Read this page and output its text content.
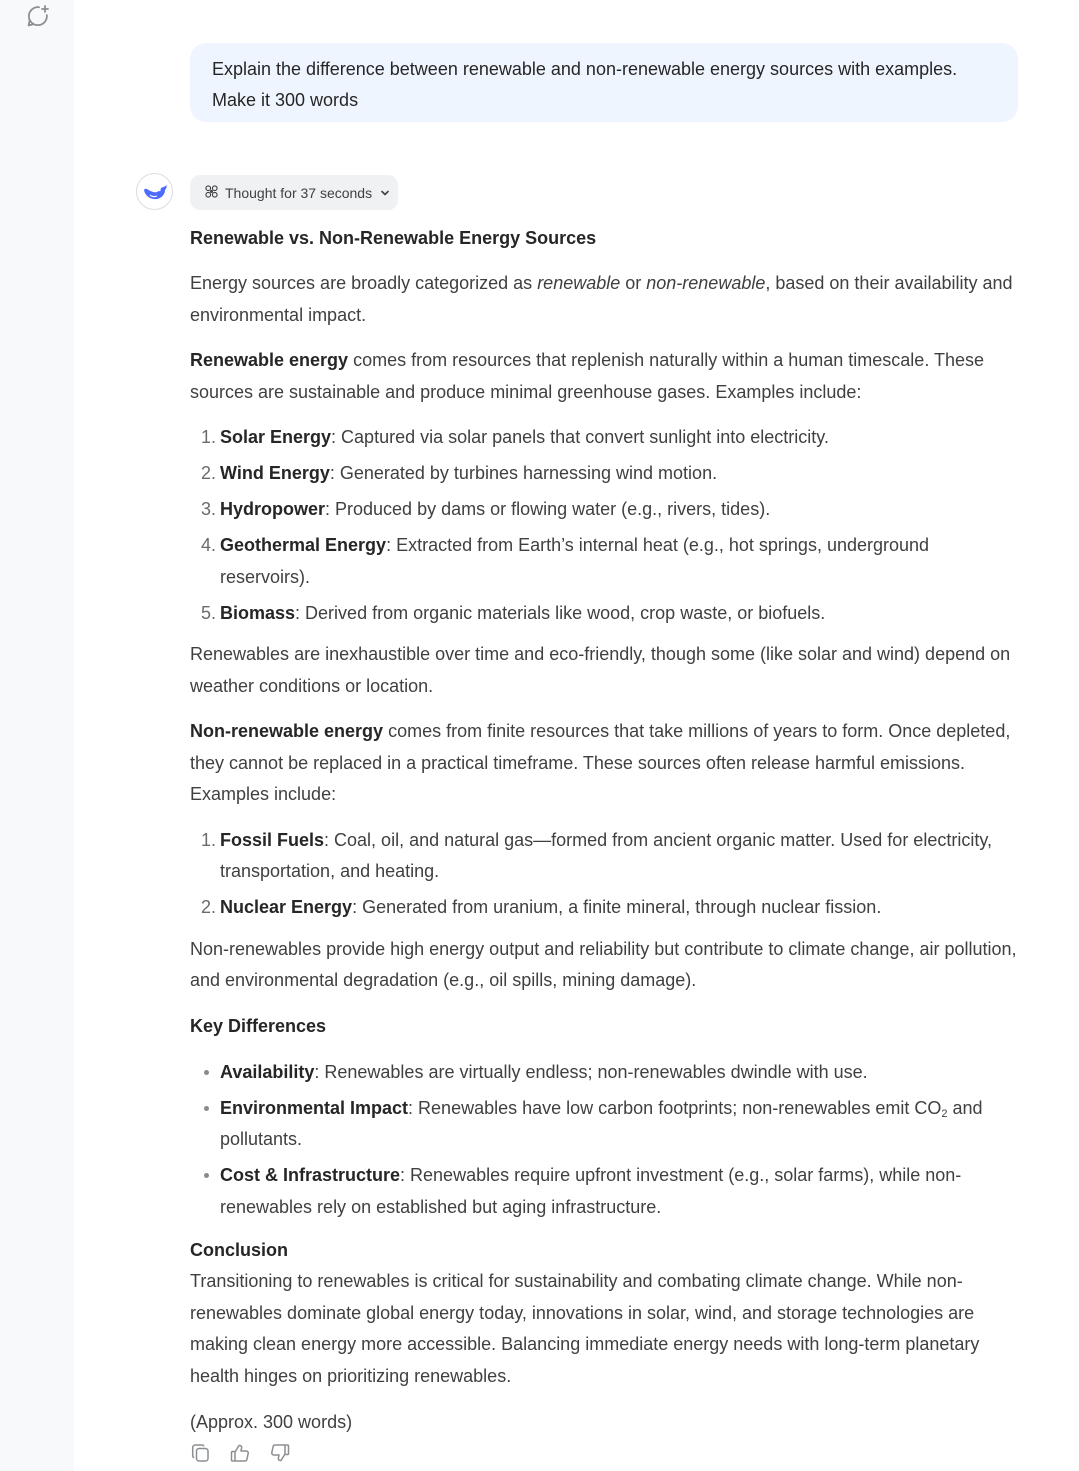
Explain the difference between renewable and non-renewable energy sources with examples. Make it 300 words
Thought for 37 seconds
Renewable vs. Non-Renewable Energy Sources

Energy sources are broadly categorized as renewable or non-renewable, based on their availability and environmental impact.

Renewable energy comes from resources that replenish naturally within a human timescale. These sources are sustainable and produce minimal greenhouse gases. Examples include:

1. Solar Energy: Captured via solar panels that convert sunlight into electricity.
2. Wind Energy: Generated by turbines harnessing wind motion.
3. Hydropower: Produced by dams or flowing water (e.g., rivers, tides).
4. Geothermal Energy: Extracted from Earth’s internal heat (e.g., hot springs, underground reservoirs).
5. Biomass: Derived from organic materials like wood, crop waste, or biofuels.

Renewables are inexhaustible over time and eco-friendly, though some (like solar and wind) depend on weather conditions or location.

Non-renewable energy comes from finite resources that take millions of years to form. Once depleted, they cannot be replaced in a practical timeframe. These sources often release harmful emissions. Examples include:

1. Fossil Fuels: Coal, oil, and natural gas—formed from ancient organic matter. Used for electricity, transportation, and heating.
2. Nuclear Energy: Generated from uranium, a finite mineral, through nuclear fission.

Non-renewables provide high energy output and reliability but contribute to climate change, air pollution, and environmental degradation (e.g., oil spills, mining damage).

Key Differences
Availability: Renewables are virtually endless; non-renewables dwindle with use.
Environmental Impact: Renewables have low carbon footprints; non-renewables emit $CO_2$ and pollutants.
Cost & Infrastructure: Renewables require upfront investment (e.g., solar farms), while non-renewables rely on established but aging infrastructure.
Conclusion

Transitioning to renewables is critical for sustainability and combating climate change. While non-renewables dominate global energy today, innovations in solar, wind, and storage technologies are making clean energy more accessible. Balancing immediate energy needs with long-term planetary health hinges on prioritizing renewables.

(Approx. 300 words)
